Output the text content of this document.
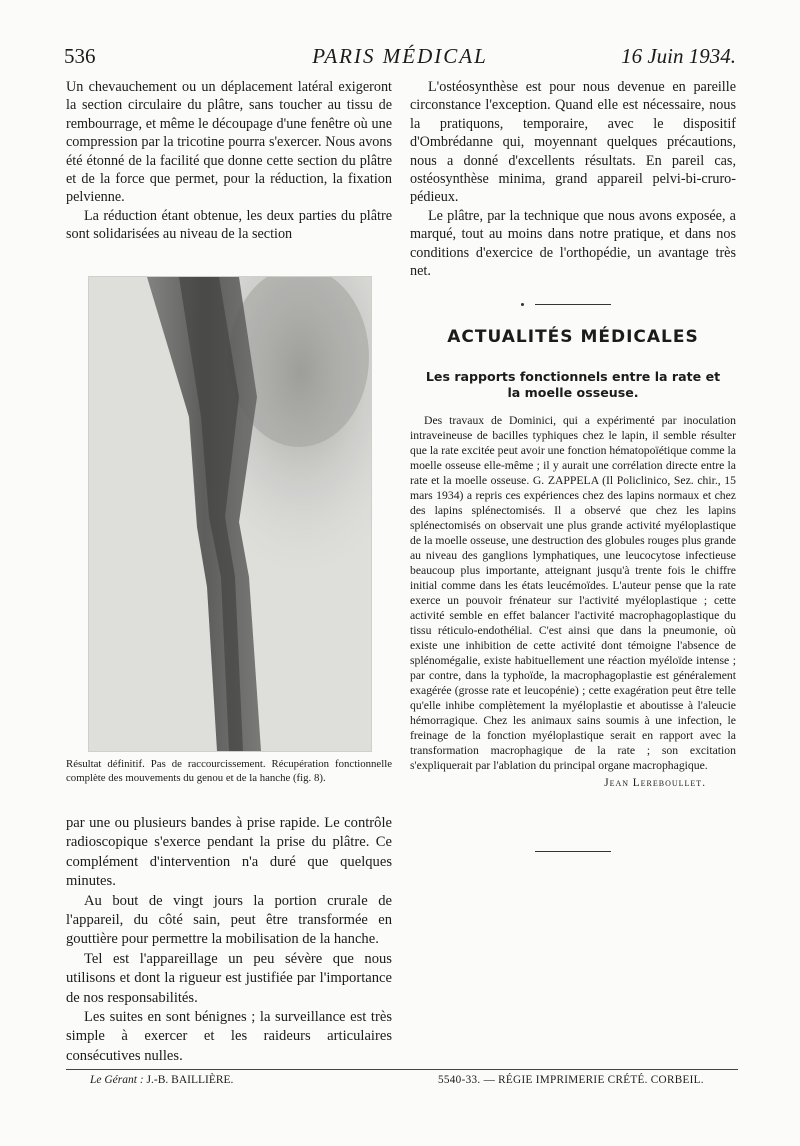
536	PARIS MÉDICAL	16 Juin 1934.

Un chevauchement ou un déplacement latéral exigeront la section circulaire du plâtre, sans toucher au tissu de rembourrage, et même le découpage d'une fenêtre où une compression par la tricotine pourra s'exercer. Nous avons été étonné de la facilité que donne cette section du plâtre et de la force que permet, pour la réduction, la fixation pelvienne.

La réduction étant obtenue, les deux parties du plâtre sont solidarisées au niveau de la section

Résultat définitif. Pas de raccourcissement. Récupération fonctionnelle complète des mouvements du genou et de la hanche (fig. 8).

par une ou plusieurs bandes à prise rapide. Le contrôle radioscopique s'exerce pendant la prise du plâtre. Ce complément d'intervention n'a duré que quelques minutes.

Au bout de vingt jours la portion crurale de l'appareil, du côté sain, peut être transformée en gouttière pour permettre la mobilisation de la hanche.

Tel est l'appareillage un peu sévère que nous utilisons et dont la rigueur est justifiée par l'importance de nos responsabilités.

Les suites en sont bénignes ; la surveillance est très simple à exercer et les raideurs articulaires consécutives nulles.

L'ostéosynthèse est pour nous devenue en pareille circonstance l'exception. Quand elle est nécessaire, nous la pratiquons, temporaire, avec le dispositif d'Ombrédanne qui, moyennant quelques précautions, nous a donné d'excellents résultats. En pareil cas, ostéosynthèse minima, grand appareil pelvi-bi-cruro-pédieux.

Le plâtre, par la technique que nous avons exposée, a marqué, tout au moins dans notre pratique, et dans nos conditions d'exercice de l'orthopédie, un avantage très net.

ACTUALITÉS MÉDICALES
Les rapports fonctionnels entre la rate et la moelle osseuse.

Des travaux de Dominici, qui a expérimenté par inoculation intraveineuse de bacilles typhiques chez le lapin, il semble résulter que la rate excitée peut avoir une fonction hématopoïétique comme la moelle osseuse elle-même ; il y aurait une corrélation directe entre la rate et la moelle osseuse. G. ZAPPELA (Il Policlinico, Sez. chir., 15 mars 1934) a repris ces expériences chez des lapins normaux et chez des lapins splénectomisés. Il a observé que chez les lapins splénectomisés on observait une plus grande activité myéloplastique de la moelle osseuse, une destruction des globules rouges plus grande au niveau des ganglions lymphatiques, une leucocytose infectieuse beaucoup plus importante, atteignant jusqu'à trente fois le chiffre initial comme dans les états leucémoïdes. L'auteur pense que la rate exerce un pouvoir frénateur sur l'activité myéloplastique ; cette activité semble en effet balancer l'activité macrophagoplastique du tissu réticulo-endothélial. C'est ainsi que dans la pneumonie, où existe une inhibition de cette activité dont témoigne l'absence de splénomégalie, existe habituellement une réaction myéloïde intense ; par contre, dans la typhoïde, la macrophagoplastie est généralement exagérée (grosse rate et leucopénie) ; cette exagération peut être telle qu'elle inhibe complètement la myéloplastie et aboutisse à l'aleucie hémorragique. Chez les animaux sains soumis à une infection, le freinage de la fonction myéloplastique serait en rapport avec la transformation macrophagique de la rate ; son excitation s'expliquerait par l'ablation du principal organe macrophagique.

Jean Lereboullet.
Le Gérant : J.-B. BAILLIÈRE.	5540-33. — RÉGIE IMPRIMERIE CRÉTÉ. CORBEIL.
